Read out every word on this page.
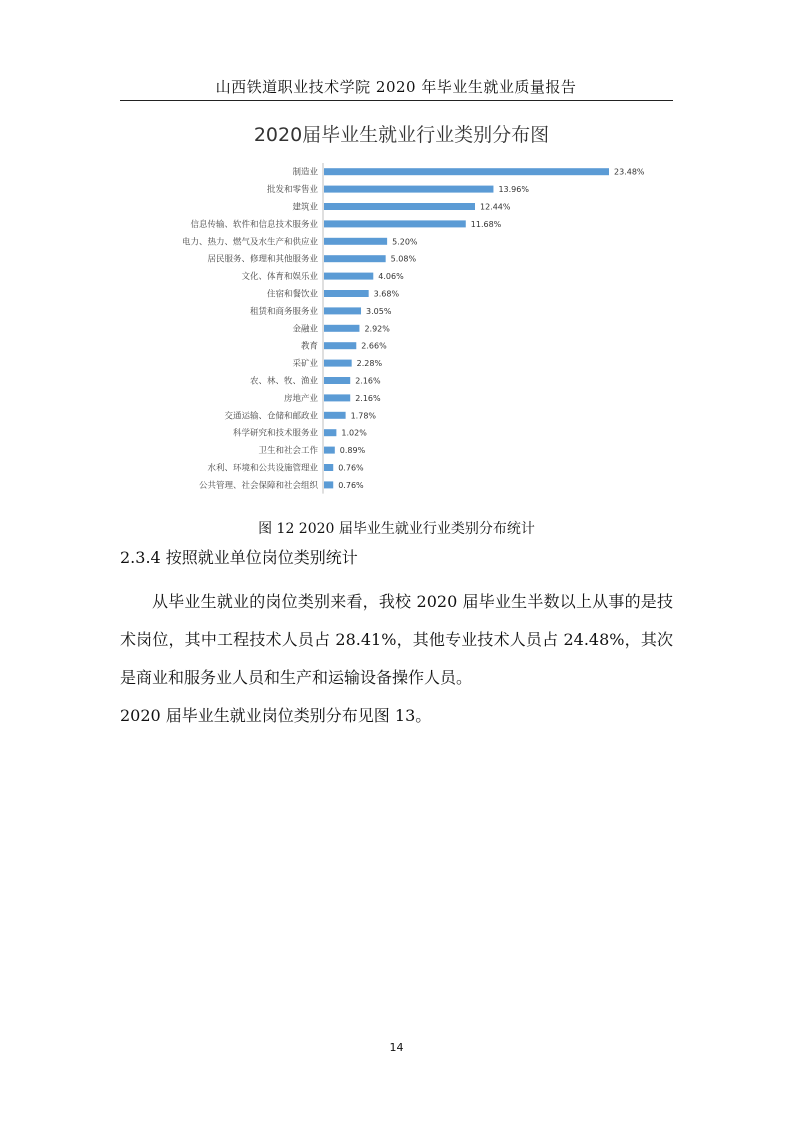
山西铁道职业技术学院 2020 年毕业生就业质量报告
2020届毕业生就业行业类别分布图
制造业	23.48%
批发和零售业	13.96%
建筑业	12.44%
信息传输、软件和信息技术服务业	11.68%
电力、热力、燃气及水生产和供应业	5.20%
居民服务、修理和其他服务业	5.08%
文化、体育和娱乐业	4.06%
住宿和餐饮业	3.68%
租赁和商务服务业	3.05%
金融业	2.92%
教育	2.66%
采矿业	2.28%
农、林、牧、渔业	2.16%
房地产业	2.16%
交通运输、仓储和邮政业	1.78%
科学研究和技术服务业	1.02%
卫生和社会工作	0.89%
水利、环境和公共设施管理业	0.76%
公共管理、社会保障和社会组织	0.76%
图 12 2020 届毕业生就业行业类别分布统计
2.3.4 按照就业单位岗位类别统计

从毕业生就业的岗位类别来看，我校 2020 届毕业生半数以上从事的是技术岗位，其中工程技术人员占 28.41%，其他专业技术人员占 24.48%，其次是商业和服务业人员和生产和运输设备操作人员。

2020 届毕业生就业岗位类别分布见图 13。
14
